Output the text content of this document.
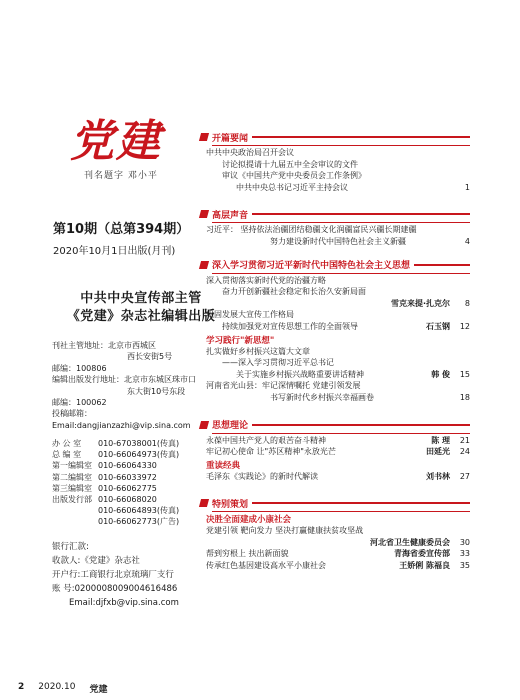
党建
刊名题字 邓小平
第10期（总第394期）
2020年10月1日出版(月刊)
中共中央宣传部主管
《党建》杂志社编辑出版
刊社主管地址： 北京市西城区
西长安街5号
邮编： 100806
编辑出版发行地址： 北京市东城区珠市口
东大街10号东段
邮编： 100062
投稿邮箱：
Email:dangjianzazhi@vip.sina.com
办 公 室	010-67038001(传真)
总 编 室	010-66064973(传真)
第一编辑室 010-66064330
第二编辑室 010-66033972
第三编辑室 010-66062775
出版发行部 010-66068020
010-66064893(传真)
010-66062773(广告)
银行汇款:
收款人:《党建》杂志社
开户行:工商银行北京琉璃厂支行
账 号:0200008009004616486
Email:djfxb@vip.sina.com
开篇要闻
中共中央政治局召开会议
讨论拟提请十九届五中全会审议的文件
审议《中国共产党中央委员会工作条例》
中共中央总书记习近平主持会议	1
高层声音
习近平： 坚持依法治疆团结稳疆文化润疆富民兴疆长期建疆
努力建设新时代中国特色社会主义新疆	4
深入学习贯彻习近平新时代中国特色社会主义思想
深入贯彻落实新时代党的治疆方略
奋力开创新疆社会稳定和长治久安新局面
雪克来提·扎克尔	8
巩固发展大宣传工作格局
持续加强党对宣传思想工作的全面领导	石玉钢	12
学习践行"新思想"
扎实做好乡村振兴这篇大文章
——深入学习贯彻习近平总书记
关于实施乡村振兴战略重要讲话精神	韩 俊	15
河南省光山县：牢记深情嘱托 党建引领发展
书写新时代乡村振兴幸福画卷	18
思想理论
永葆中国共产党人的艰苦奋斗精神	陈 理	21
牢记初心使命 让"苏区精神"永放光芒	田延光	24
重读经典
毛泽东《实践论》的新时代解读	刘书林	27
特别策划
决胜全面建成小康社会
党建引领 靶向发力 坚决打赢健康扶贫攻坚战
河北省卫生健康委员会	30
帮到穷根上 扶出新面貌	青海省委宣传部	33
传承红色基因建设高水平小康社会	王娇俐 陈福良	35
2 2020.10 党建
